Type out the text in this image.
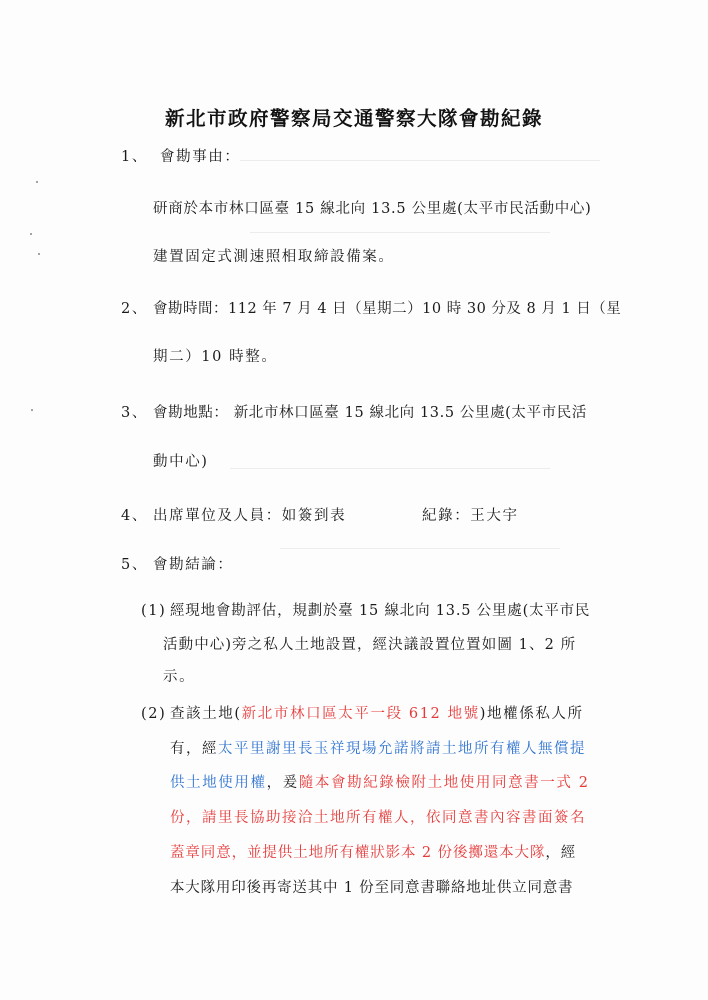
新北市政府警察局交通警察大隊會勘紀錄
1、 會勘事由：
研商於本市林口區臺 15 線北向 13.5 公里處(太平市民活動中心)
建置固定式測速照相取締設備案。
2、 會勘時間：112 年 7 月 4 日（星期二）10 時 30 分及 8 月 1 日（星
期二）10 時整。
3、 會勘地點： 新北市林口區臺 15 線北向 13.5 公里處(太平市民活
動中心)
4、 出席單位及人員：如簽到表	紀錄：王大宇
5、 會勘結論：
(1) 經現地會勘評估，規劃於臺 15 線北向 13.5 公里處(太平市民
活動中心)旁之私人土地設置，經決議設置位置如圖 1、2 所
示。
(2) 查該土地(新北市林口區太平一段 612 地號)地權係私人所
有，經太平里謝里長玉祥現場允諾將請土地所有權人無償提
供土地使用權，爰隨本會勘紀錄檢附土地使用同意書一式 2
份，請里長協助接洽土地所有權人，依同意書內容書面簽名
蓋章同意，並提供土地所有權狀影本 2 份後擲還本大隊，經
本大隊用印後再寄送其中 1 份至同意書聯絡地址供立同意書
